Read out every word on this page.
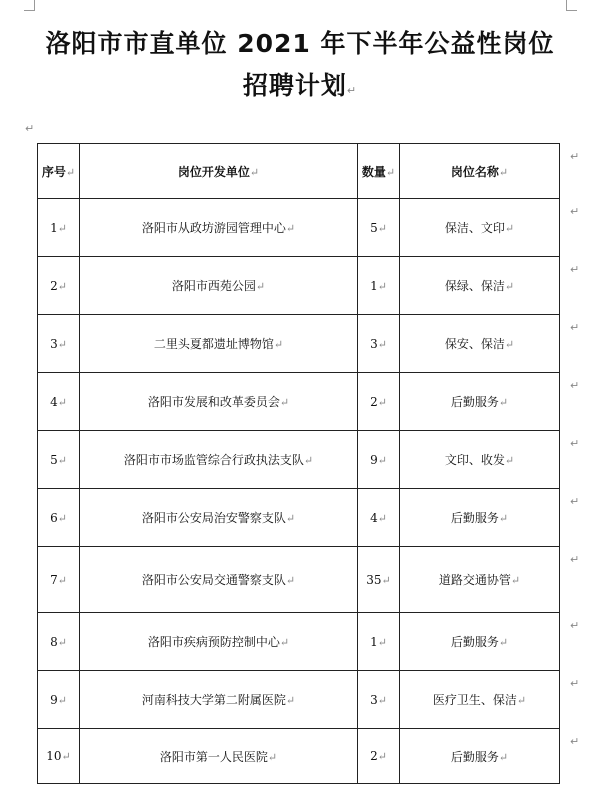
洛阳市市直单位 2021 年下半年公益性岗位
招聘计划↵
↵
序号↵	岗位开发单位↵	数量↵	岗位名称↵
1↵	洛阳市从政坊游园管理中心↵	5↵	保洁、文印↵
2↵	洛阳市西苑公园↵	1↵	保绿、保洁↵
3↵	二里头夏都遗址博物馆↵	3↵	保安、保洁↵
4↵	洛阳市发展和改革委员会↵	2↵	后勤服务↵
5↵	洛阳市市场监管综合行政执法支队↵	9↵	文印、收发↵
6↵	洛阳市公安局治安警察支队↵	4↵	后勤服务↵
7↵	洛阳市公安局交通警察支队↵	35↵	道路交通协管↵
8↵	洛阳市疾病预防控制中心↵	1↵	后勤服务↵
9↵	河南科技大学第二附属医院↵	3↵	医疗卫生、保洁↵
10↵	洛阳市第一人民医院↵	2↵	后勤服务↵
↵
↵
↵
↵
↵
↵
↵
↵
↵
↵
↵
